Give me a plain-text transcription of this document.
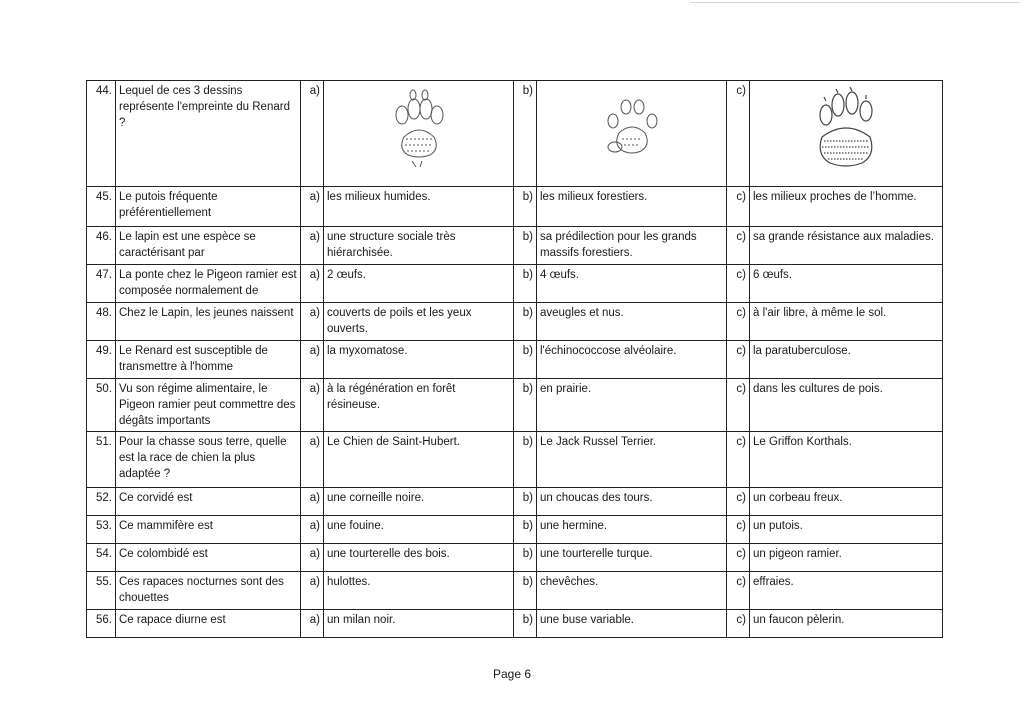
44.	Lequel de ces 3 dessins représente l'empreinte du Renard ?	a)		b)		c)	

45.	Le putois fréquente préférentiellement	a)	les milieux humides.	b)	les milieux forestiers.	c)	les milieux proches de l’homme.
46.	Le lapin est une espèce se caractérisant par	a)	une structure sociale très hiérarchisée.	b)	sa prédilection pour les grands massifs forestiers.	c)	sa grande résistance aux maladies.
47.	La ponte chez le Pigeon ramier est composée normalement de	a)	2 œufs.	b)	4 œufs.	c)	6 œufs.
48.	Chez le Lapin, les jeunes naissent	a)	couverts de poils et les yeux ouverts.	b)	aveugles et nus.	c)	à l'air libre, à même le sol.
49.	Le Renard est susceptible de transmettre à l'homme	a)	la myxomatose.	b)	l'échinococcose alvéolaire.	c)	la paratuberculose.
50.	Vu son régime alimentaire, le Pigeon ramier peut commettre des dégâts importants	a)	à la régénération en forêt résineuse.	b)	en prairie.	c)	dans les cultures de pois.
51.	Pour la chasse sous terre, quelle est la race de chien la plus adaptée ?	a)	Le Chien de Saint-Hubert.	b)	Le Jack Russel Terrier.	c)	Le Griffon Korthals.
52.	Ce corvidé est	a)	une corneille noire.	b)	un choucas des tours.	c)	un corbeau freux.
53.	Ce mammifère est	a)	une fouine.	b)	une hermine.	c)	un putois.
54.	Ce colombidé est	a)	une tourterelle des bois.	b)	une tourterelle turque.	c)	un pigeon ramier.
55.	Ces rapaces nocturnes sont des chouettes	a)	hulottes.	b)	chevêches.	c)	effraies.
56.	Ce rapace diurne est	a)	un milan noir.	b)	une buse variable.	c)	un faucon pèlerin.
Page 6
